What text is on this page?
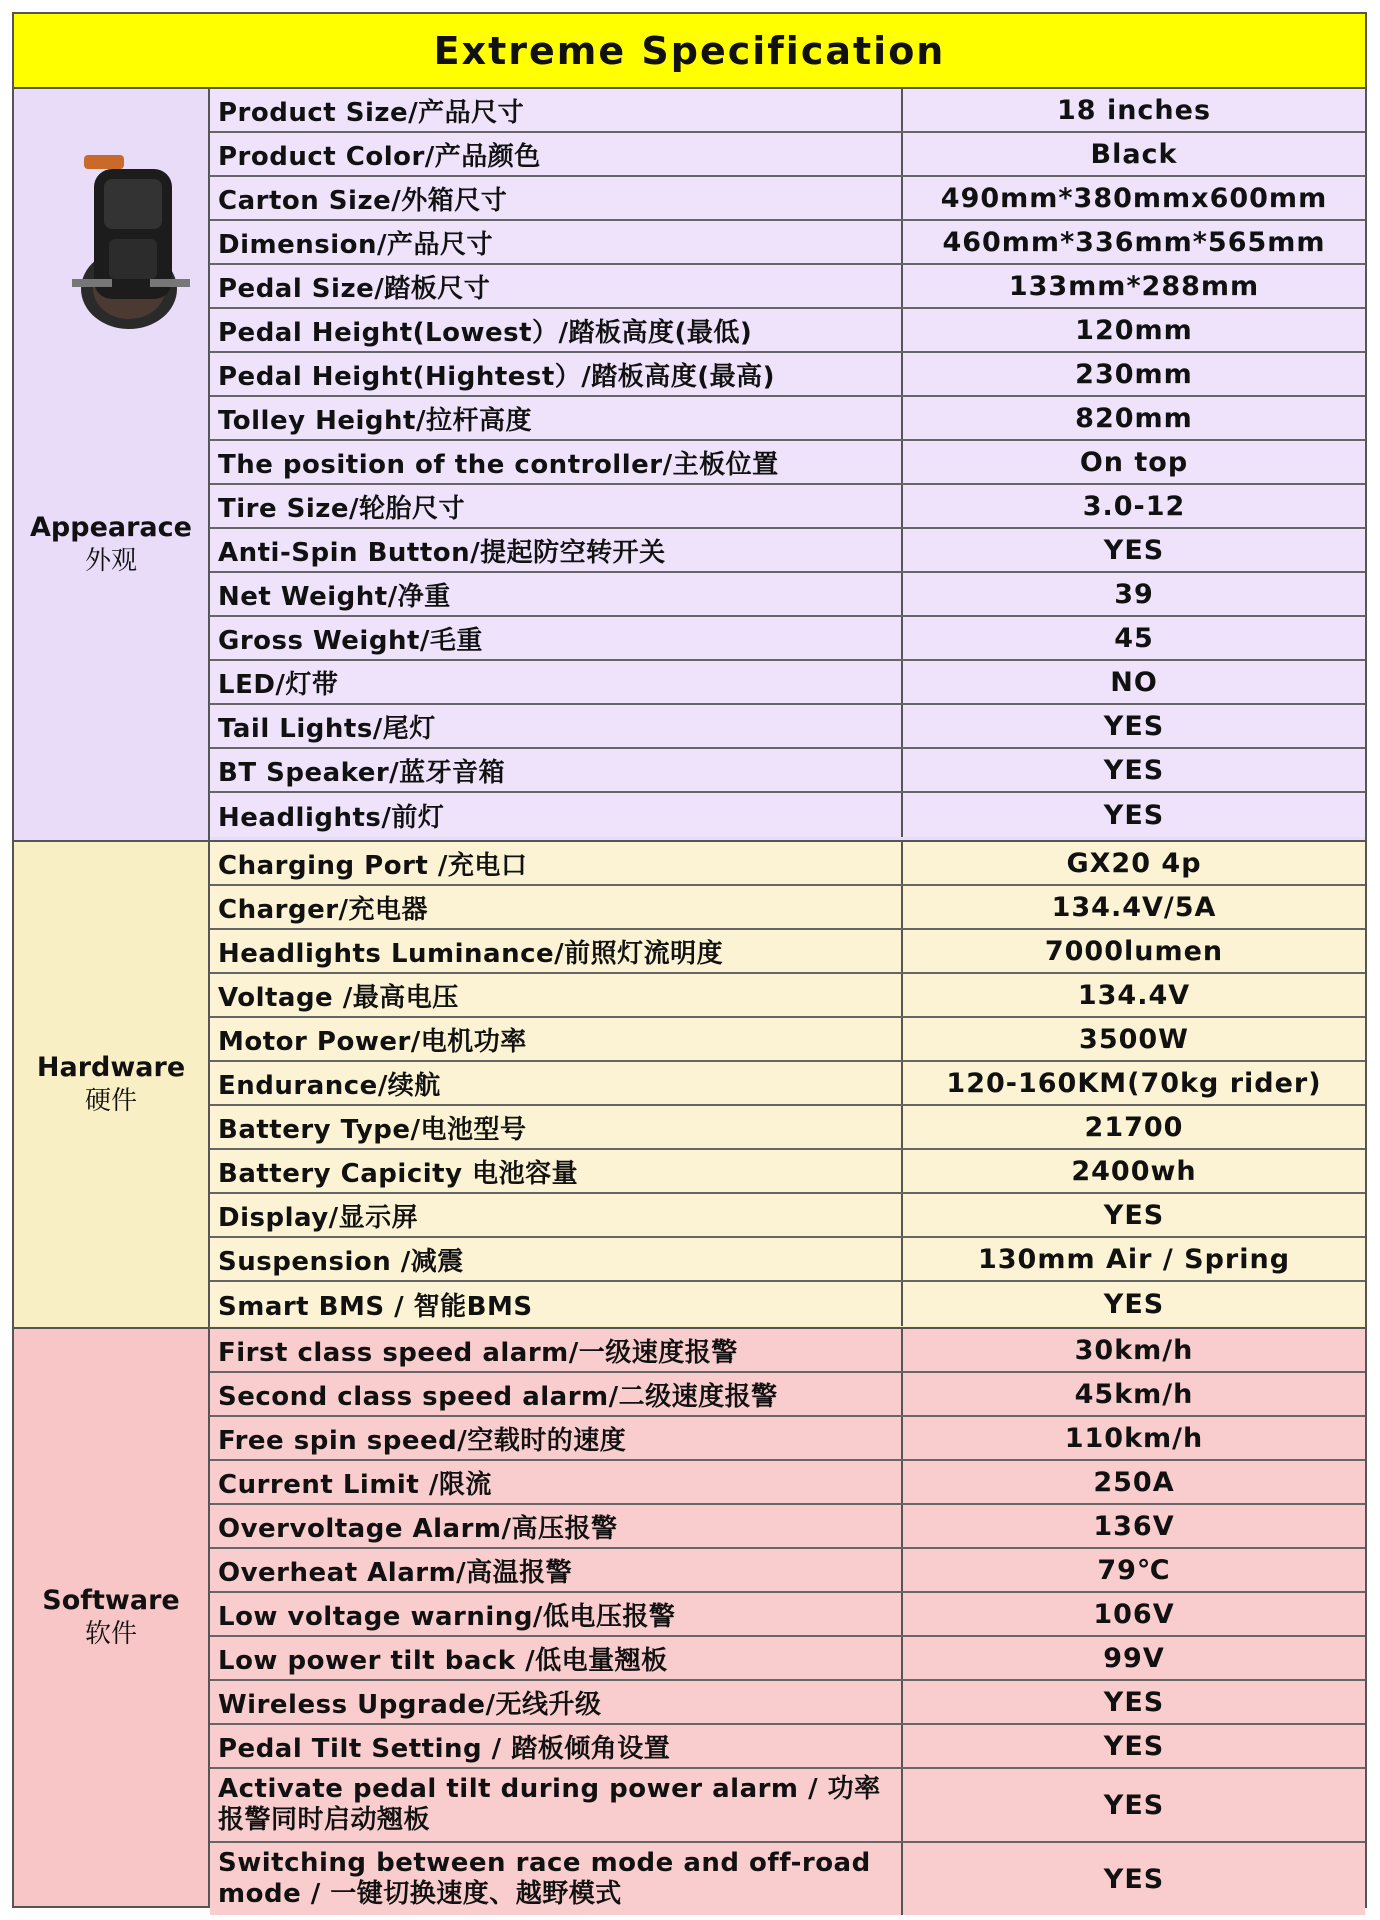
Extreme Specification
Appearace
外观
Product Size/产品尺寸	18 inches
Product Color/产品颜色	Black
Carton Size/外箱尺寸	490mm*380mmx600mm
Dimension/产品尺寸	460mm*336mm*565mm
Pedal Size/踏板尺寸	133mm*288mm
Pedal Height(Lowest）/踏板高度(最低)	120mm
Pedal Height(Hightest）/踏板高度(最高)	230mm
Tolley Height/拉杆高度	820mm
The position of the controller/主板位置	On top
Tire Size/轮胎尺寸	3.0-12
Anti-Spin Button/提起防空转开关	YES
Net Weight/净重	39
Gross Weight/毛重	45
LED/灯带	NO
Tail Lights/尾灯	YES
BT Speaker/蓝牙音箱	YES
Headlights/前灯	YES
Hardware
硬件
Charging Port /充电口	GX20 4p
Charger/充电器	134.4V/5A
Headlights Luminance/前照灯流明度	7000lumen
Voltage /最高电压	134.4V
Motor Power/电机功率	3500W
Endurance/续航	120-160KM(70kg rider)
Battery Type/电池型号	21700
Battery Capicity 电池容量	2400wh
Display/显示屏	YES
Suspension /减震	130mm Air / Spring
Smart BMS / 智能BMS	YES
Software
软件
First class speed alarm/一级速度报警	30km/h
Second class speed alarm/二级速度报警	45km/h
Free spin speed/空载时的速度	110km/h
Current Limit /限流	250A
Overvoltage Alarm/高压报警	136V
Overheat Alarm/高温报警	79℃
Low voltage warning/低电压报警	106V
Low power tilt back /低电量翘板	99V
Wireless Upgrade/无线升级	YES
Pedal Tilt Setting / 踏板倾角设置	YES
Activate pedal tilt during power alarm / 功率报警同时启动翘板	YES
Switching between race mode and off-road mode / 一键切换速度、越野模式	YES
